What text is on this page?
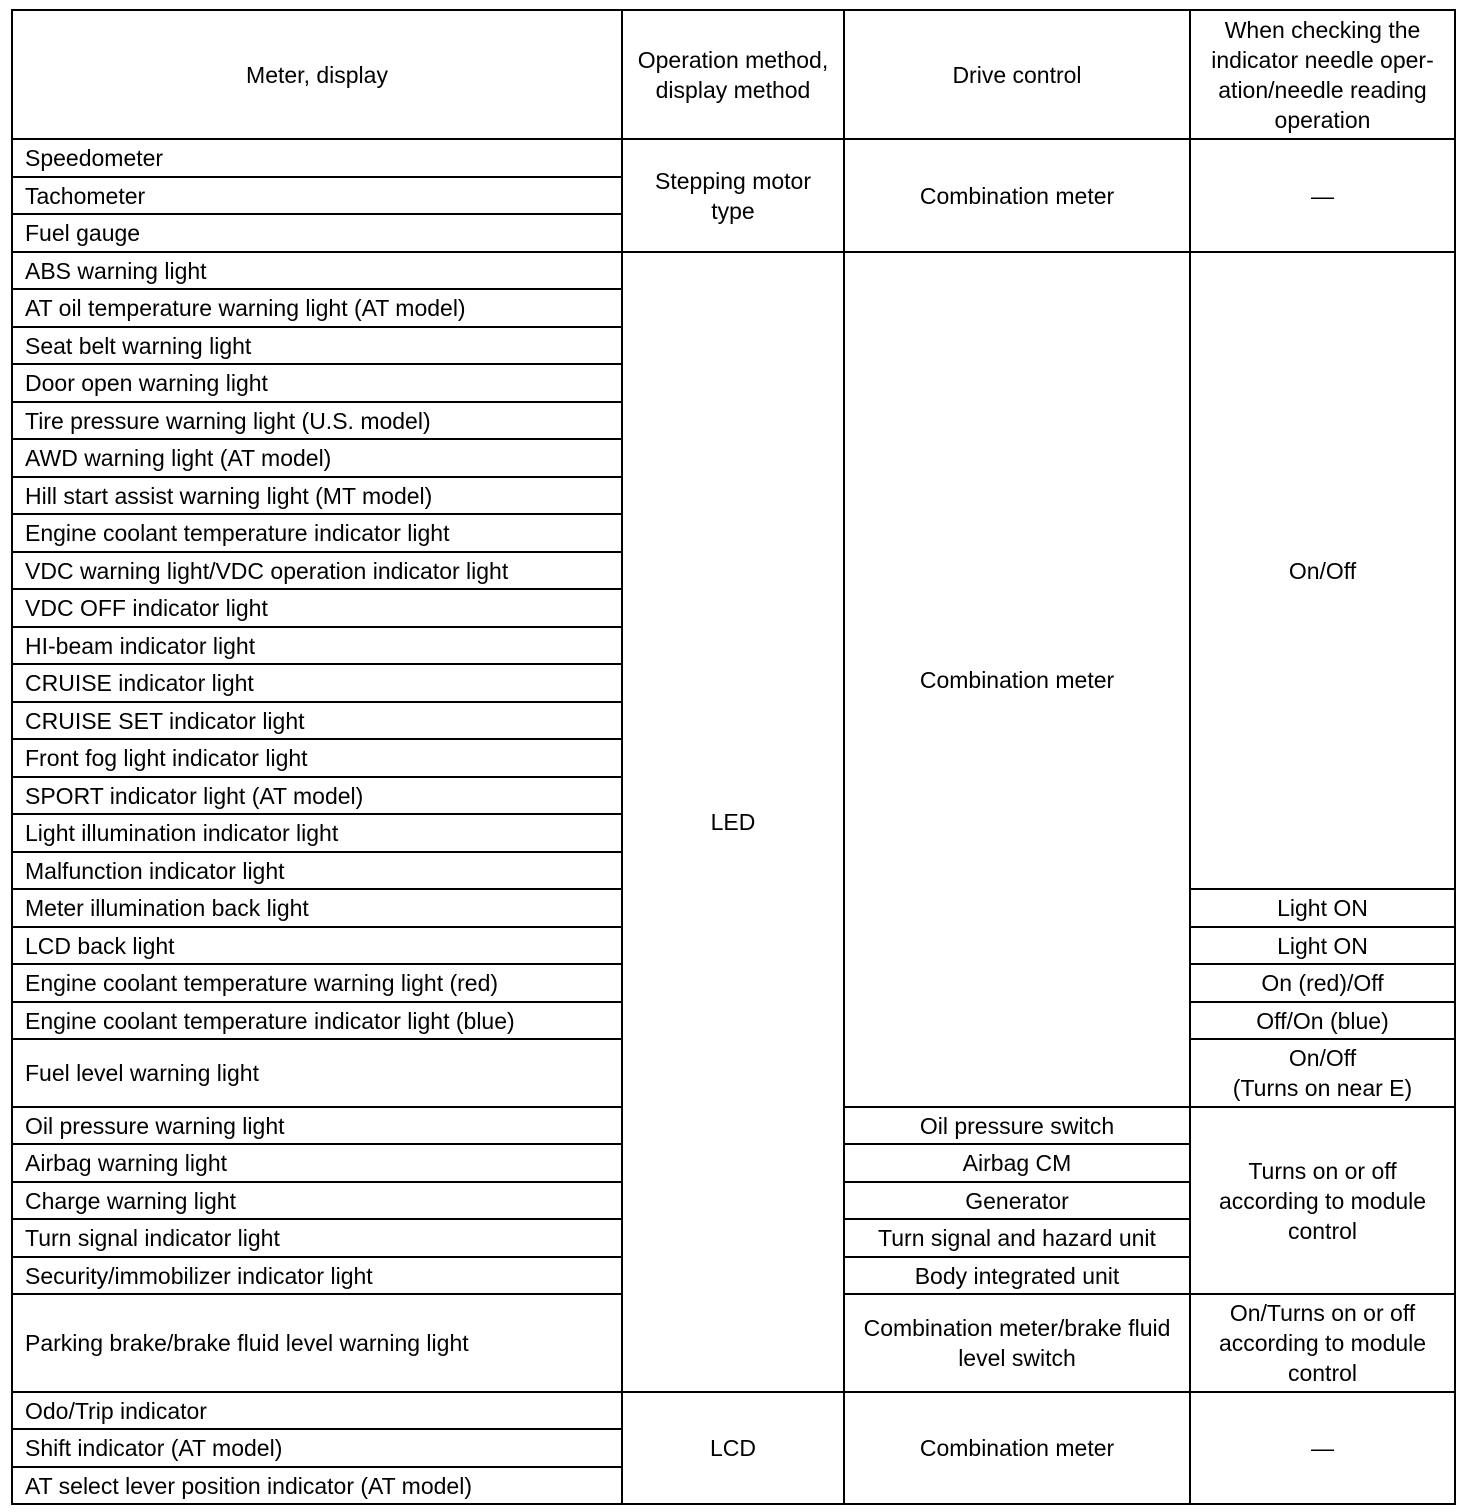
Meter, display	Operation method, display method	Drive control	When checking the indicator needle oper-ation/needle reading operation
Speedometer	Stepping motor type	Combination meter	—
Tachometer			
Fuel gauge			
ABS warning light	LED	Combination meter	On/Off
AT oil temperature warning light (AT model)			
Seat belt warning light			
Door open warning light			
Tire pressure warning light (U.S. model)			
AWD warning light (AT model)			
Hill start assist warning light (MT model)			
Engine coolant temperature indicator light			
VDC warning light/VDC operation indicator light			
VDC OFF indicator light			
HI-beam indicator light			
CRUISE indicator light			
CRUISE SET indicator light			
Front fog light indicator light			
SPORT indicator light (AT model)			
Light illumination indicator light			
Malfunction indicator light			
Meter illumination back light			Light ON
LCD back light			Light ON
Engine coolant temperature warning light (red)			On (red)/Off
Engine coolant temperature indicator light (blue)			Off/On (blue)
Fuel level warning light			On/Off
(Turns on near E)

Oil pressure warning light		Oil pressure switch	Turns on or off according to module control
Airbag warning light		Airbag CM	
Charge warning light		Generator	
Turn signal indicator light		Turn signal and hazard unit	
Security/immobilizer indicator light		Body integrated unit	
Parking brake/brake fluid level warning light		Combination meter/brake fluid level switch	On/Turns on or off according to module control
Odo/Trip indicator	LCD	Combination meter	—
Shift indicator (AT model)			
AT select lever position indicator (AT model)			
